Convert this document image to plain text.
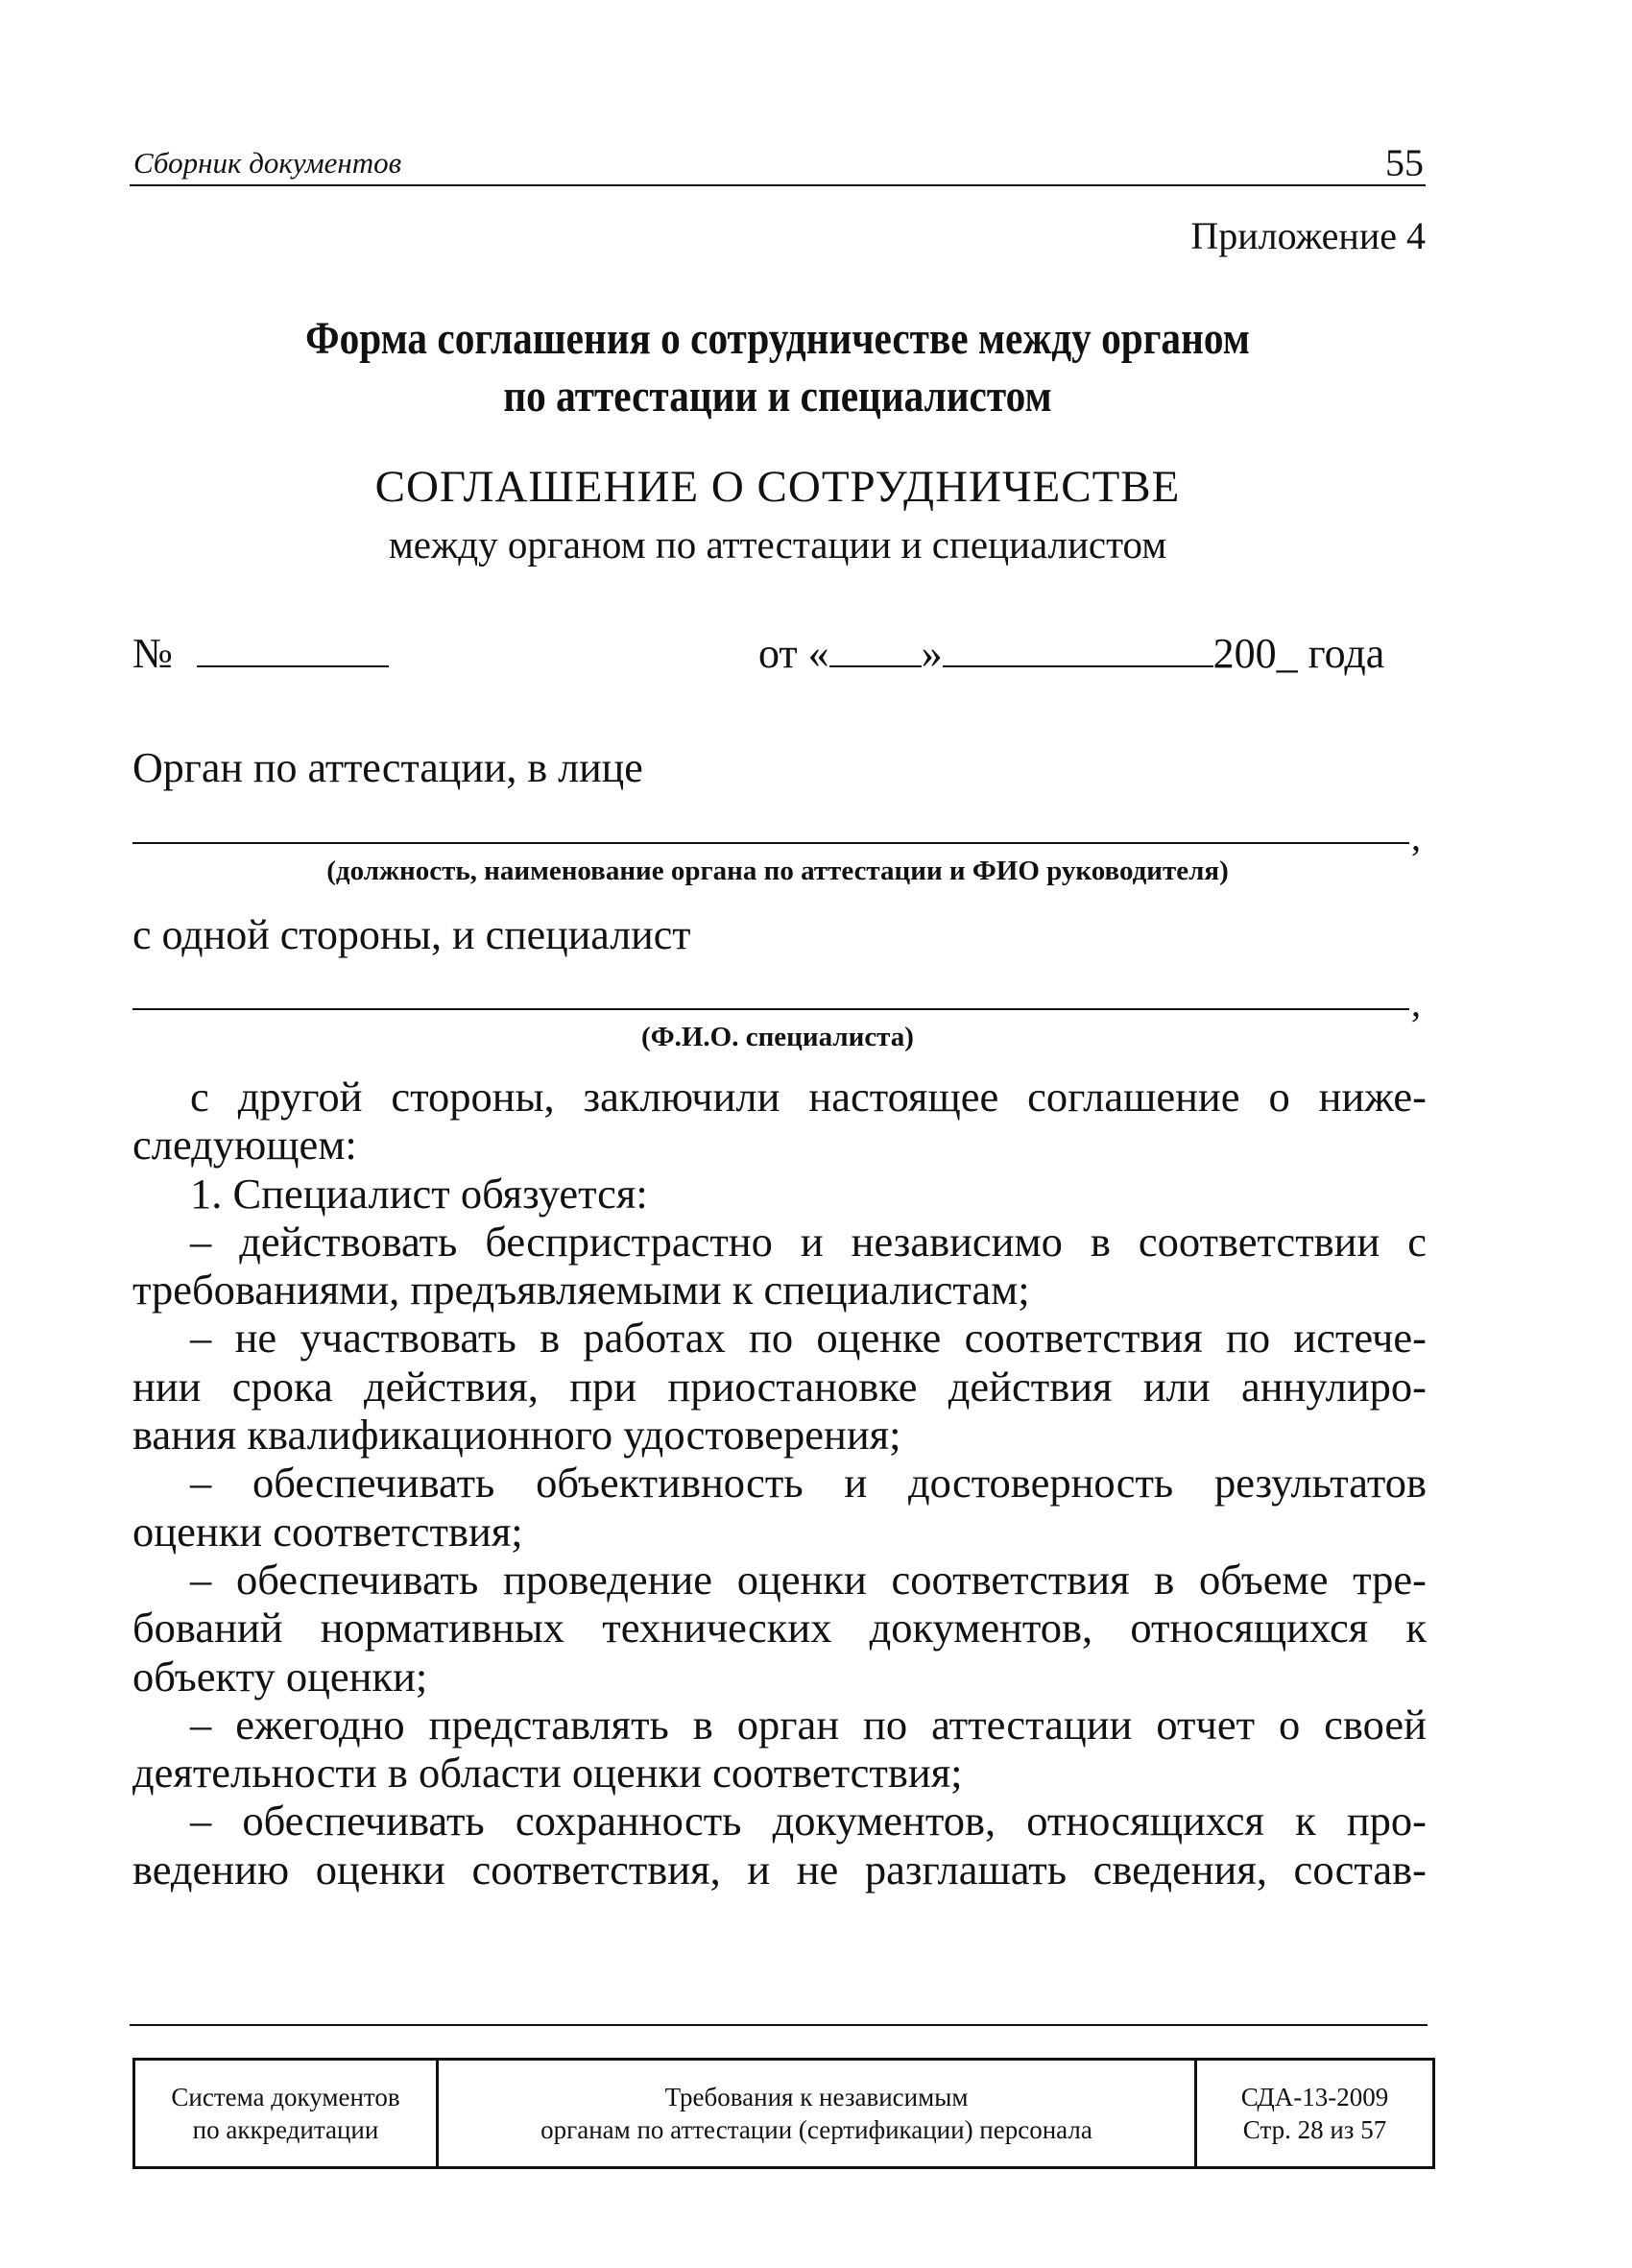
Сборник документов	55
Приложение 4
Форма соглашения о сотрудничестве между органом
по аттестации и специалистом
СОГЛАШЕНИЕ О СОТРУДНИЧЕСТВЕ
между органом по аттестации и специалистом
№	от « »	200_ года
Орган по аттестации, в лице
,
(должность, наименование органа по аттестации и ФИО руководителя)
с одной стороны, и специалист
,
(Ф.И.О. специалиста)
с другой стороны, заключили настоящее соглашение о ниже-
следующем:
1. Специалист обязуется:
– действовать беспристрастно и независимо в соответствии с
требованиями, предъявляемыми к специалистам;
– не участвовать в работах по оценке соответствия по истече-
нии срока действия, при приостановке действия или аннулиро-
вания квалификационного удостоверения;
– обеспечивать объективность и достоверность результатов
оценки соответствия;
– обеспечивать проведение оценки соответствия в объеме тре-
бований нормативных технических документов, относящихся к
объекту оценки;
– ежегодно представлять в орган по аттестации отчет о своей
деятельности в области оценки соответствия;
– обеспечивать сохранность документов, относящихся к про-
ведению оценки соответствия, и не разглашать сведения, состав-
Система документов
по аккредитации

Требования к независимым
органам по аттестации (сертификации) персонала

СДА-13-2009
Стр. 28 из 57
